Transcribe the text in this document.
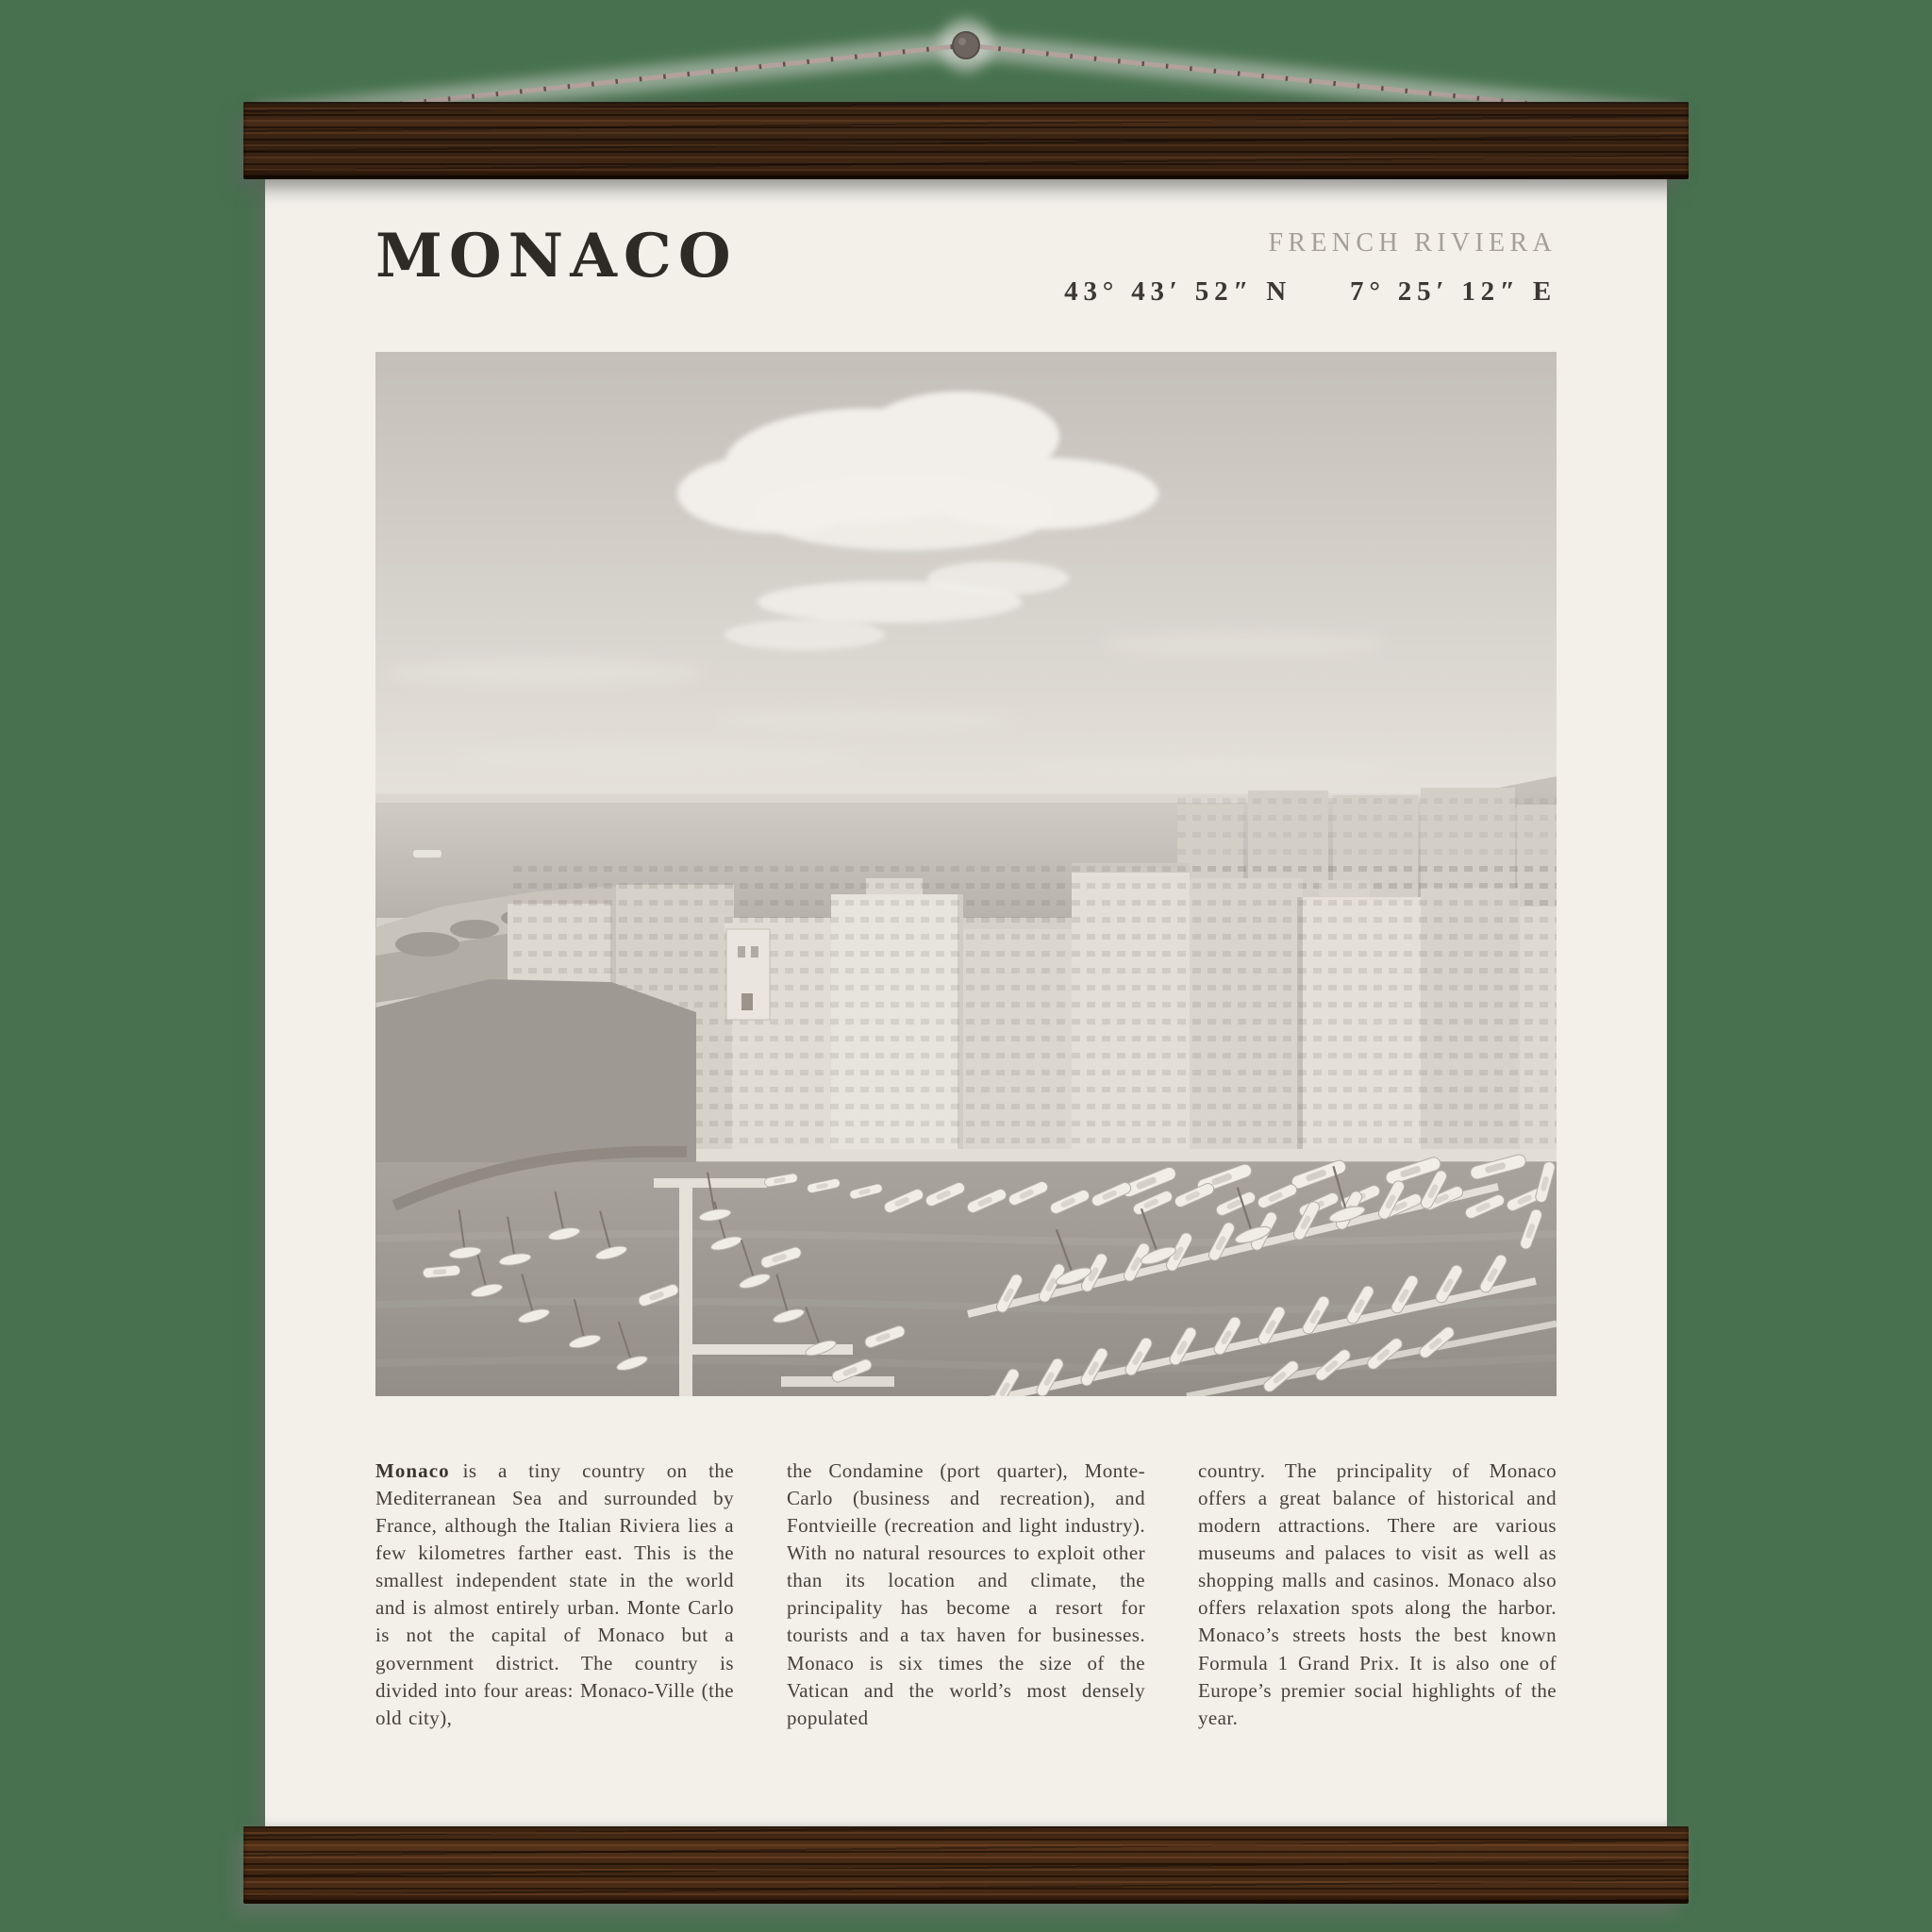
MONACO	FRENCH RIVIERA
43° 43′ 52″ N 7° 25′ 12″ E

Monaco is a tiny country on the Mediterranean Sea and surrounded by France, although the Italian Riviera lies a few kilometres farther east. This is the smallest independent state in the world and is almost entirely urban. Monte Carlo is not the capital of Monaco but a government district. The country is divided into four areas: Monaco-Ville (the old city),

the Condamine (port quarter), Monte-Carlo (business and recreation), and Fontvieille (recreation and light industry). With no natural resources to exploit other than its location and climate, the principality has become a resort for tourists and a tax haven for businesses. Monaco is six times the size of the Vatican and the world’s most densely populated

country. The principality of Monaco offers a great balance of historical and modern attractions. There are various museums and palaces to visit as well as shopping malls and casinos. Monaco also offers relaxation spots along the harbor. Monaco’s streets hosts the best known Formula 1 Grand Prix. It is also one of Europe’s premier social highlights of the year.
